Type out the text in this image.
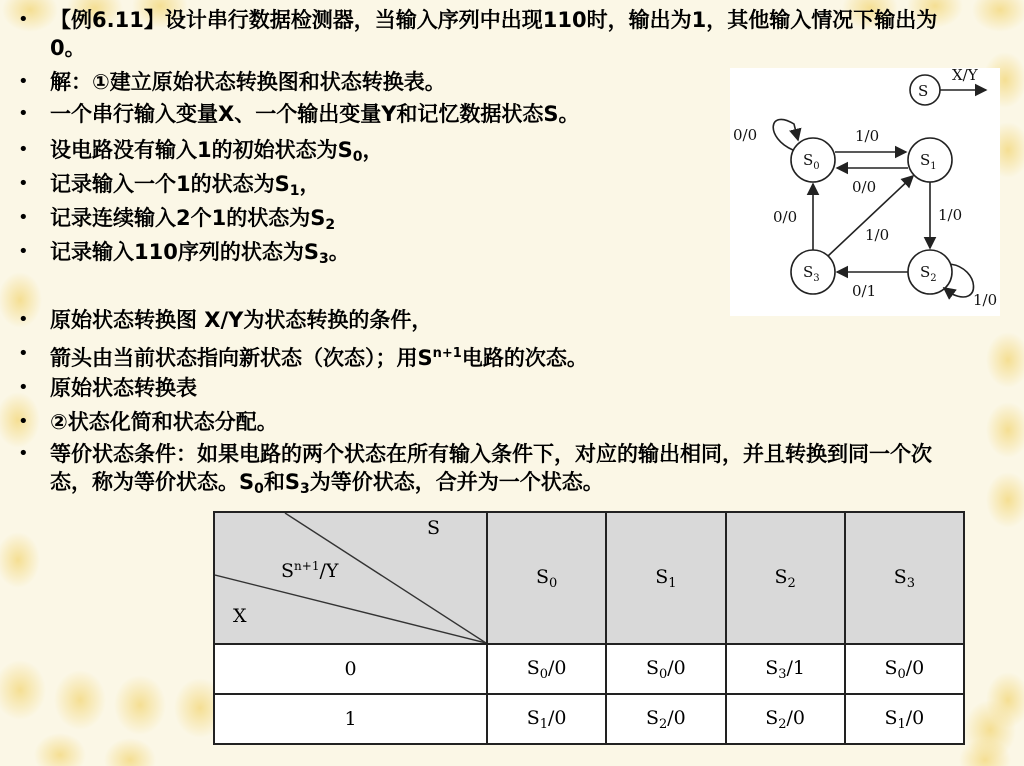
• 【例6.11】设计串行数据检测器，当输入序列中出现110时，输出为1，其他输入情况下输出为0。
• 解：①建立原始状态转换图和状态转换表。
• 一个串行输入变量X、一个输出变量Y和记忆数据状态S。
• 设电路没有输入1的初始状态为$S_0$，
• 记录输入一个1的状态为$S_1$，
• 记录连续输入2个1的状态为$S_2$
• 记录输入110序列的状态为$S_3$。
• 原始状态转换图 X/Y为状态转换的条件，
• 箭头由当前状态指向新状态（次态）；用$S^{n+1}$电路的次态。
• 原始状态转换表
• ②状态化简和状态分配。
• 等价状态条件：如果电路的两个状态在所有输入条件下，对应的输出相同，并且转换到同一个次态，称为等价状态。$S_0$和$S_3$为等价状态，合并为一个状态。
S
X/Y
$S_0$	$S_1$
$S_2$
$S_3$
0/0	1/0
0/0
1/0
0/0
1/0
0/1	1/0
S
$S^{n+1}/Y$
X	$S_0$	$S_1$	$S_2$	$S_3$
0	$S_0/0$	$S_0/0$	$S_3/1$	$S_0/0$
1	$S_1/0$	$S_2/0$	$S_2/0$	$S_1/0$
